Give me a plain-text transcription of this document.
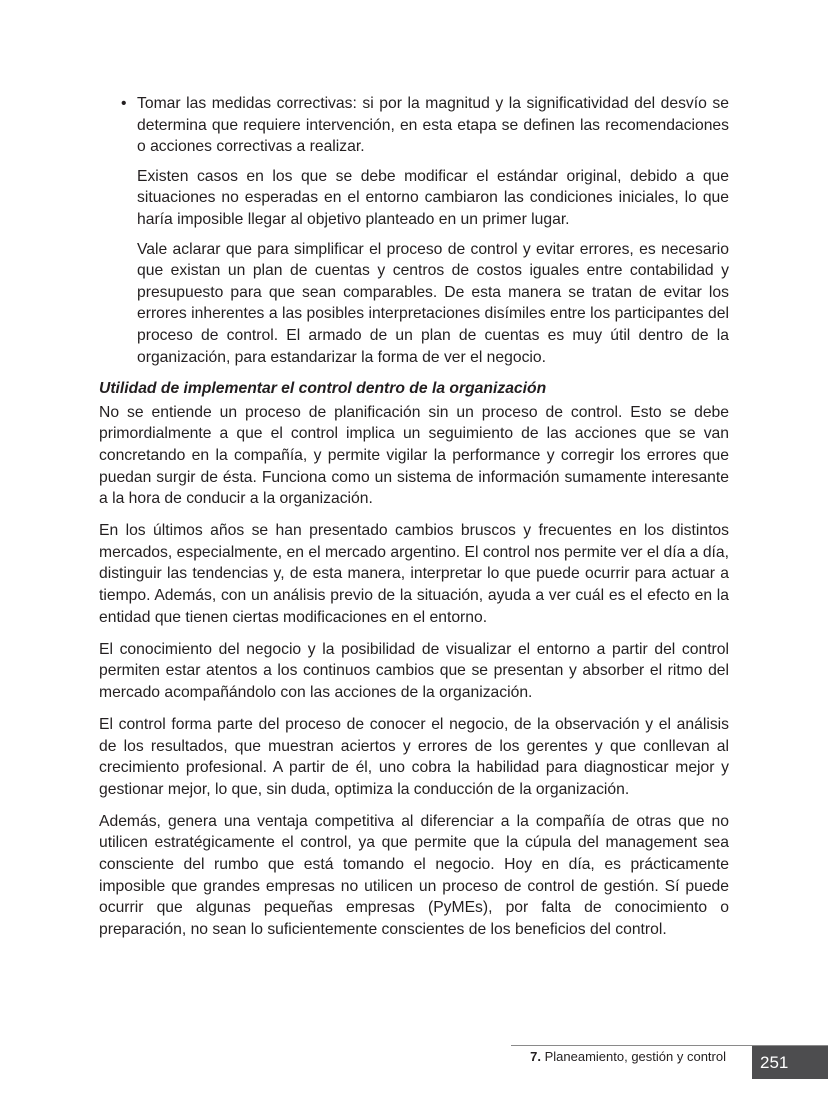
• Tomar las medidas correctivas: si por la magnitud y la significatividad del desvío se determina que requiere intervención, en esta etapa se definen las recomendaciones o acciones correctivas a realizar.

Existen casos en los que se debe modificar el estándar original, debido a que situaciones no esperadas en el entorno cambiaron las condiciones iniciales, lo que haría imposible llegar al objetivo planteado en un primer lugar.

Vale aclarar que para simplificar el proceso de control y evitar errores, es necesario que existan un plan de cuentas y centros de costos iguales entre contabilidad y presupuesto para que sean comparables. De esta manera se tratan de evitar los errores inherentes a las posibles interpretaciones disímiles entre los participantes del proceso de control. El armado de un plan de cuentas es muy útil dentro de la organización, para estandarizar la forma de ver el negocio.

Utilidad de implementar el control dentro de la organización

No se entiende un proceso de planificación sin un proceso de control. Esto se debe primordialmente a que el control implica un seguimiento de las acciones que se van concretando en la compañía, y permite vigilar la performance y corregir los errores que puedan surgir de ésta. Funciona como un sistema de información sumamente interesante a la hora de conducir a la organización.

En los últimos años se han presentado cambios bruscos y frecuentes en los distintos mercados, especialmente, en el mercado argentino. El control nos permite ver el día a día, distinguir las tendencias y, de esta manera, interpretar lo que puede ocurrir para actuar a tiempo. Además, con un análisis previo de la situación, ayuda a ver cuál es el efecto en la entidad que tienen ciertas modificaciones en el entorno.

El conocimiento del negocio y la posibilidad de visualizar el entorno a partir del control permiten estar atentos a los continuos cambios que se presentan y absorber el ritmo del mercado acompañándolo con las acciones de la organización.

El control forma parte del proceso de conocer el negocio, de la observación y el análisis de los resultados, que muestran aciertos y errores de los gerentes y que conllevan al crecimiento profesional. A partir de él, uno cobra la habilidad para diagnosticar mejor y gestionar mejor, lo que, sin duda, optimiza la conducción de la organización.

Además, genera una ventaja competitiva al diferenciar a la compañía de otras que no utilicen estratégicamente el control, ya que permite que la cúpula del management sea consciente del rumbo que está tomando el negocio. Hoy en día, es prácticamente imposible que grandes empresas no utilicen un proceso de control de gestión. Sí puede ocurrir que algunas pequeñas empresas (PyMEs), por falta de conocimiento o preparación, no sean lo suficientemente conscientes de los beneficios del control.

7. Planeamiento, gestión y control	251
